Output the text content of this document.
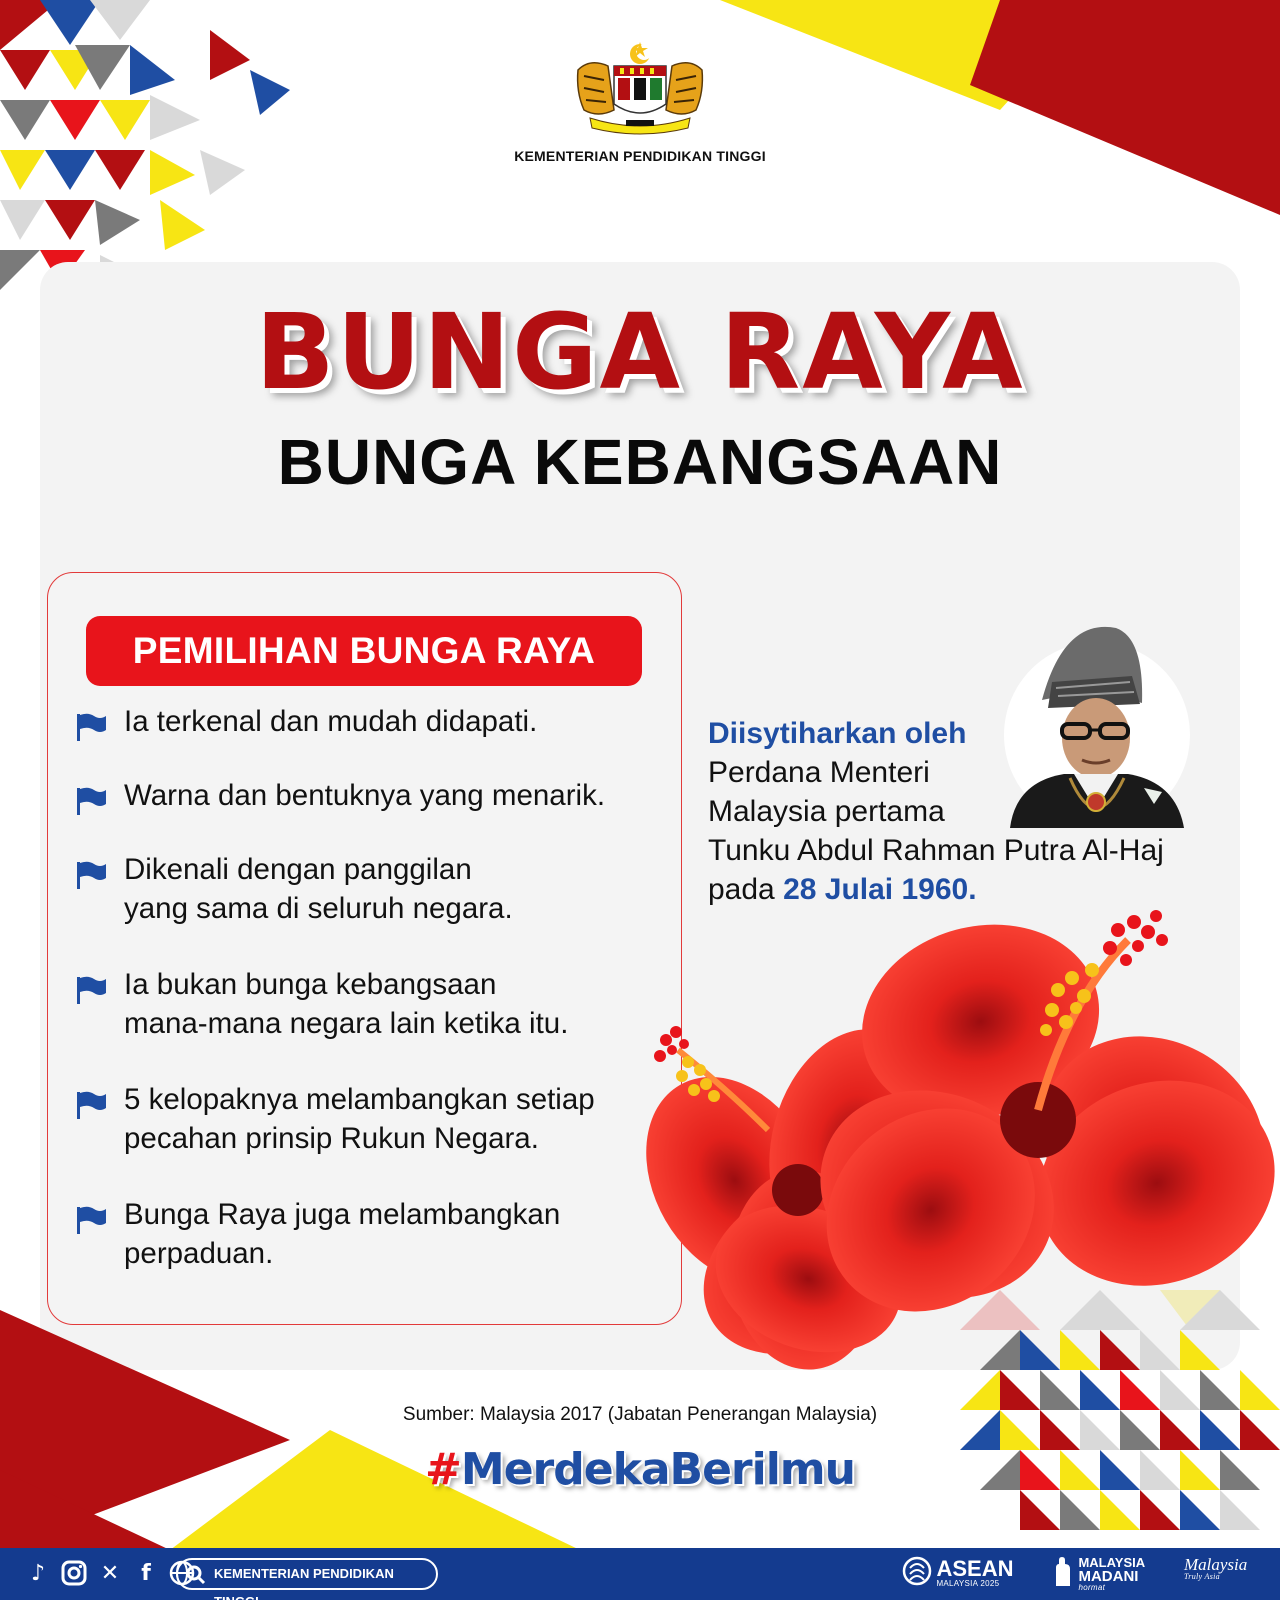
KEMENTERIAN PENDIDIKAN TINGGI
BUNGA RAYA
BUNGA KEBANGSAAN
PEMILIHAN BUNGA RAYA
Ia terkenal dan mudah didapati.
Warna dan bentuknya yang menarik.
Dikenali dengan panggilan
yang sama di seluruh negara.
Ia bukan bunga kebangsaan
mana-mana negara lain ketika itu.
5 kelopaknya melambangkan setiap
pecahan prinsip Rukun Negara.
Bunga Raya juga melambangkan
perpaduan.
Diisytiharkan oleh
Perdana Menteri
Malaysia pertama
Tunku Abdul Rahman Putra Al-Haj
pada 28 Julai 1960.
Sumber: Malaysia 2017 (Jabatan Penerangan Malaysia)
#MerdekaBerilmu
♪	✕ f	KEMENTERIAN PENDIDIKAN TINGGI
ASEAN
MALAYSIA 2025

MALAYSIA
MADANI
hormat
Malaysia
Truly Asia
